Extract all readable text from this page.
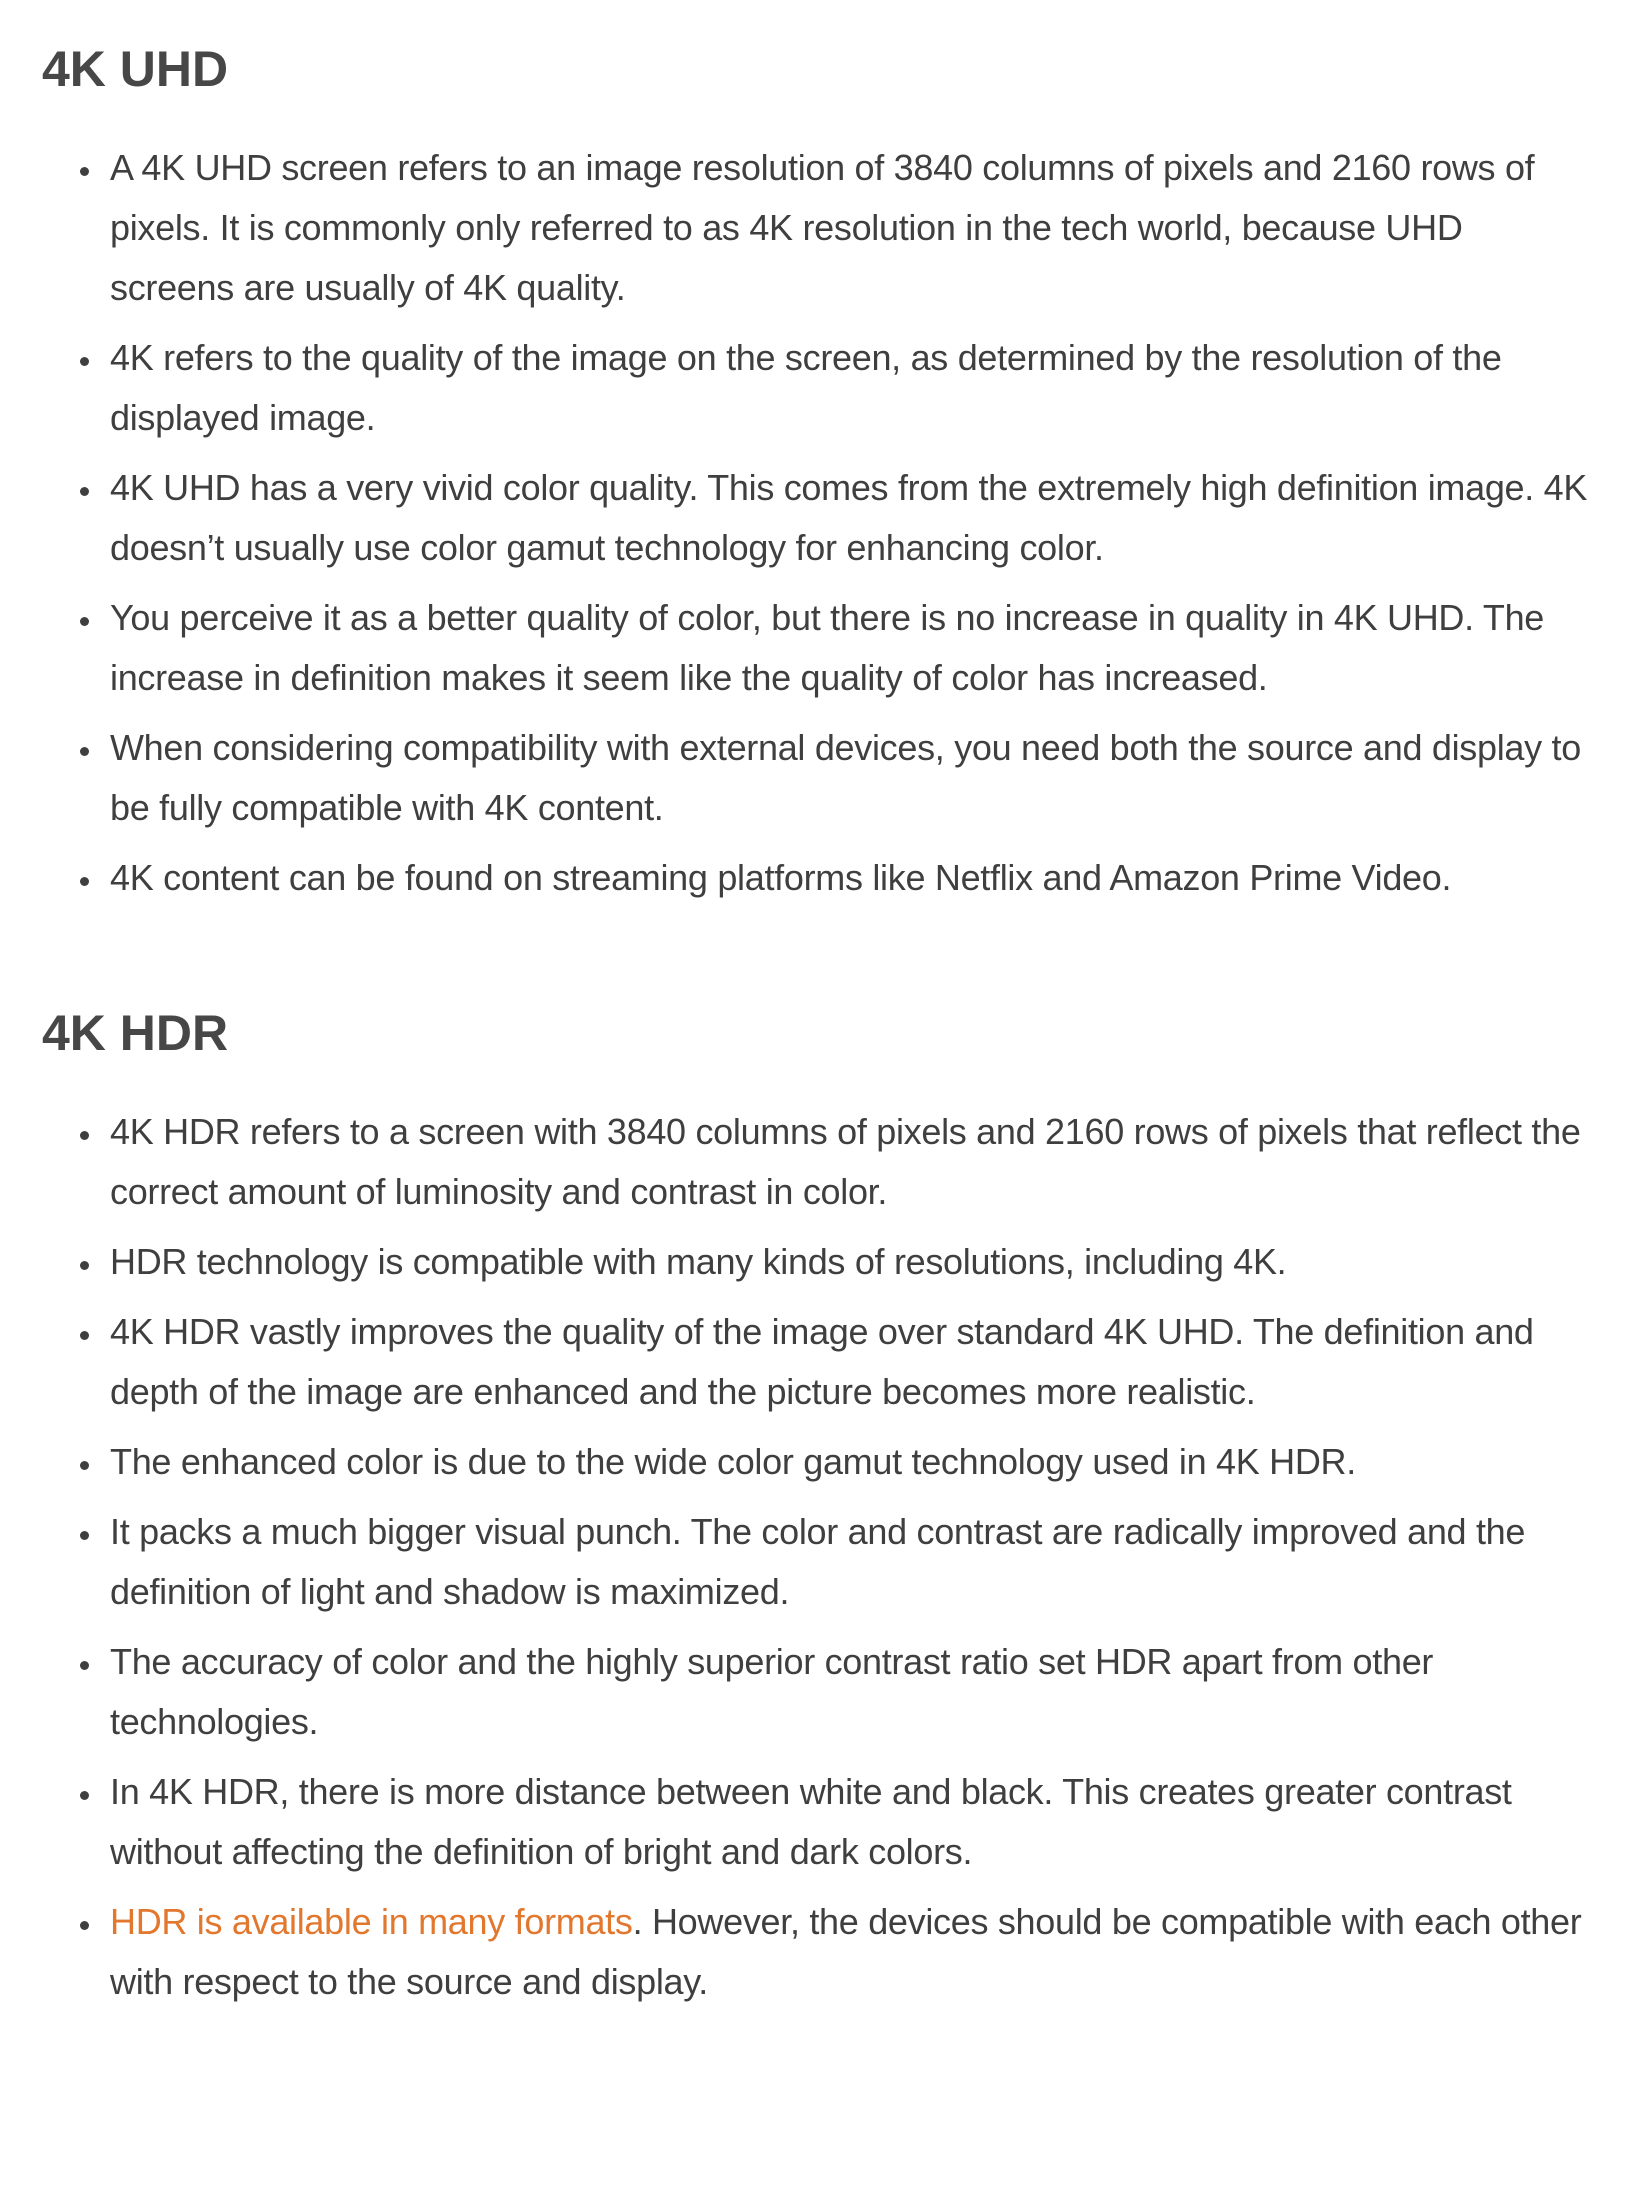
4K UHD
• A 4K UHD screen refers to an image resolution of 3840 columns of pixels and 2160 rows of pixels. It is commonly only referred to as 4K resolution in the tech world, because UHD screens are usually of 4K quality.
• 4K refers to the quality of the image on the screen, as determined by the resolution of the displayed image.
• 4K UHD has a very vivid color quality. This comes from the extremely high definition image. 4K doesn’t usually use color gamut technology for enhancing color.
• You perceive it as a better quality of color, but there is no increase in quality in 4K UHD. The increase in definition makes it seem like the quality of color has increased.
• When considering compatibility with external devices, you need both the source and display to be fully compatible with 4K content.
• 4K content can be found on streaming platforms like Netflix and Amazon Prime Video.
4K HDR
• 4K HDR refers to a screen with 3840 columns of pixels and 2160 rows of pixels that reflect the correct amount of luminosity and contrast in color.
• HDR technology is compatible with many kinds of resolutions, including 4K.
• 4K HDR vastly improves the quality of the image over standard 4K UHD. The definition and depth of the image are enhanced and the picture becomes more realistic.
• The enhanced color is due to the wide color gamut technology used in 4K HDR.
• It packs a much bigger visual punch. The color and contrast are radically improved and the definition of light and shadow is maximized.
• The accuracy of color and the highly superior contrast ratio set HDR apart from other technologies.
• In 4K HDR, there is more distance between white and black. This creates greater contrast without affecting the definition of bright and dark colors.
• HDR is available in many formats. However, the devices should be compatible with each other with respect to the source and display.
